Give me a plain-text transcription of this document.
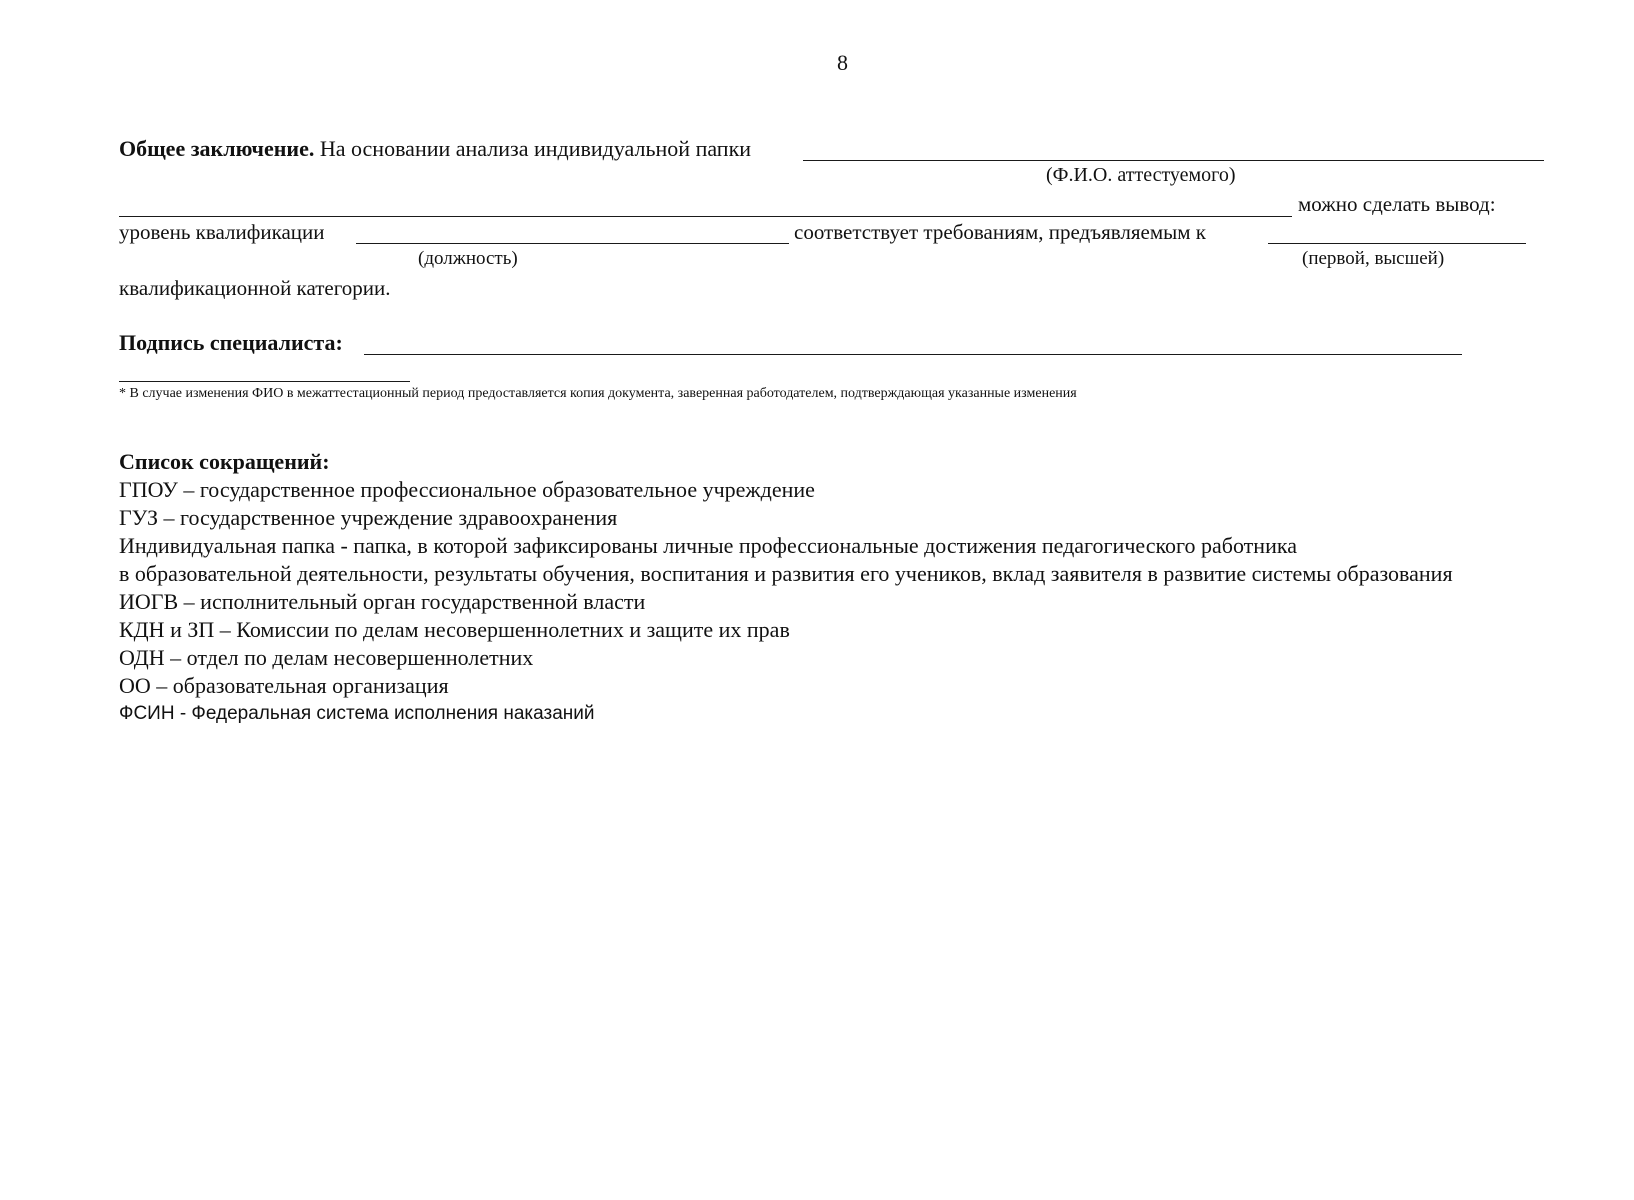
8
Общее заключение. На основании анализа индивидуальной папки
(Ф.И.О. аттестуемого)
можно сделать вывод:
уровень квалификации	соответствует требованиям, предъявляемым к
(должность)	(первой, высшей)
квалификационной категории.
Подпись специалиста:
* В случае изменения ФИО в межаттестационный период предоставляется копия документа, заверенная работодателем, подтверждающая указанные изменения
Список сокращений:
ГПОУ – государственное профессиональное образовательное учреждение
ГУЗ – государственное учреждение здравоохранения
Индивидуальная папка - папка, в которой зафиксированы личные профессиональные достижения педагогического работника
в образовательной деятельности, результаты обучения, воспитания и развития его учеников, вклад заявителя в развитие системы образования
ИОГВ – исполнительный орган государственной власти
КДН и ЗП – Комиссии по делам несовершеннолетних и защите их прав
ОДН – отдел по делам несовершеннолетних
ОО – образовательная организация
ФСИН - Федеральная система исполнения наказаний
